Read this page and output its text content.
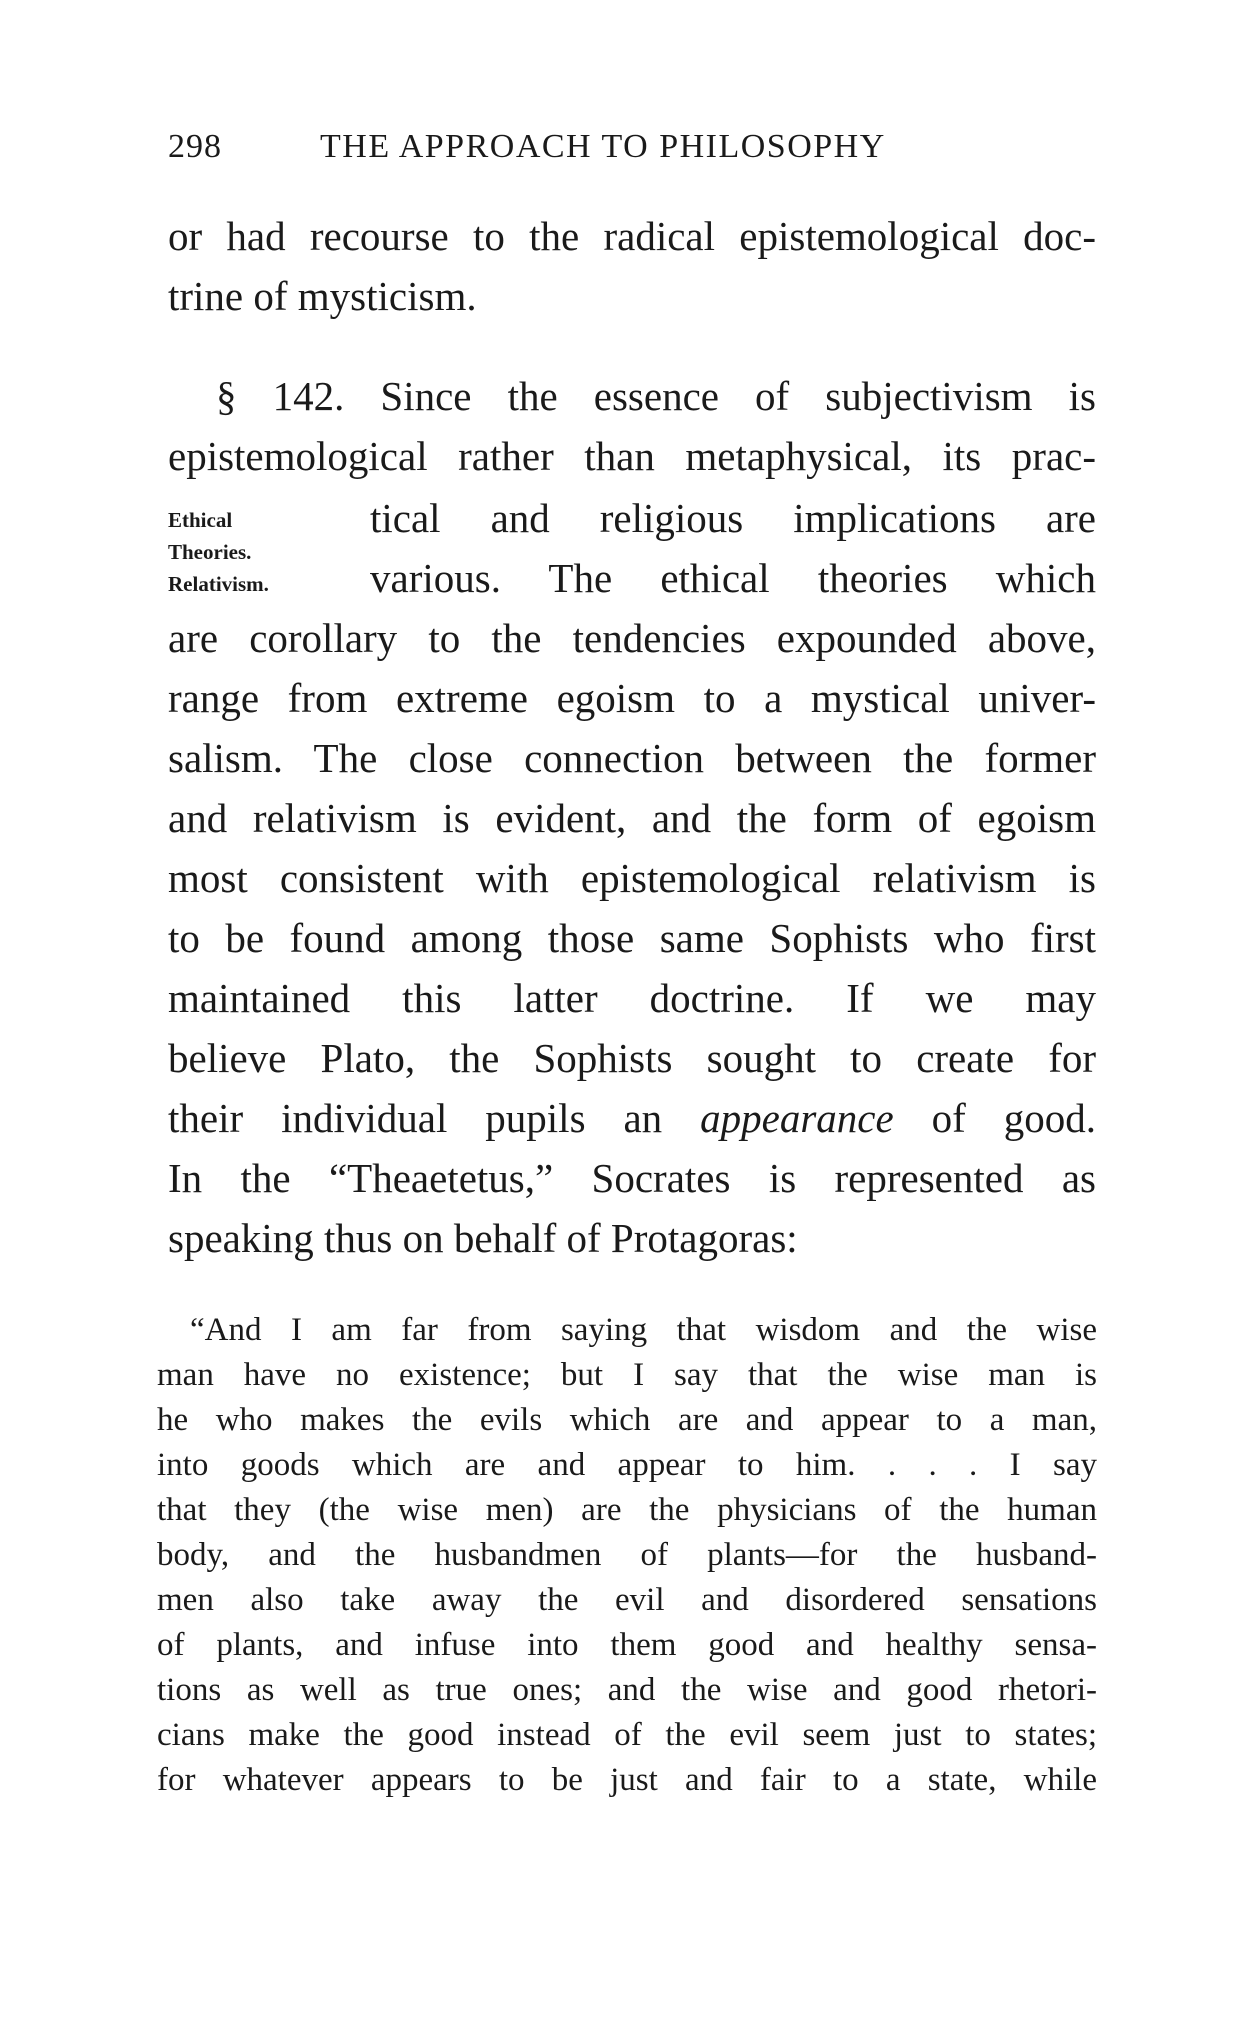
298	THE APPROACH TO PHILOSOPHY
or had recourse to the radical epistemological doc-
trine of mysticism.
§ 142. Since the essence of subjectivism is
epistemological rather than metaphysical, its prac-
Ethical
Theories.
Relativism.
tical and religious implications are
various. The ethical theories which
are corollary to the tendencies expounded above,
range from extreme egoism to a mystical univer-
salism. The close connection between the former
and relativism is evident, and the form of egoism
most consistent with epistemological relativism is
to be found among those same Sophists who first
maintained this latter doctrine. If we may
believe Plato, the Sophists sought to create for
their individual pupils an appearance of good.
In the “Theaetetus,” Socrates is represented as
speaking thus on behalf of Protagoras:
“And I am far from saying that wisdom and the wise
man have no existence; but I say that the wise man is
he who makes the evils which are and appear to a man,
into goods which are and appear to him. . . . I say
that they (the wise men) are the physicians of the human
body, and the husbandmen of plants—for the husband-
men also take away the evil and disordered sensations
of plants, and infuse into them good and healthy sensa-
tions as well as true ones; and the wise and good rhetori-
cians make the good instead of the evil seem just to states;
for whatever appears to be just and fair to a state, while
